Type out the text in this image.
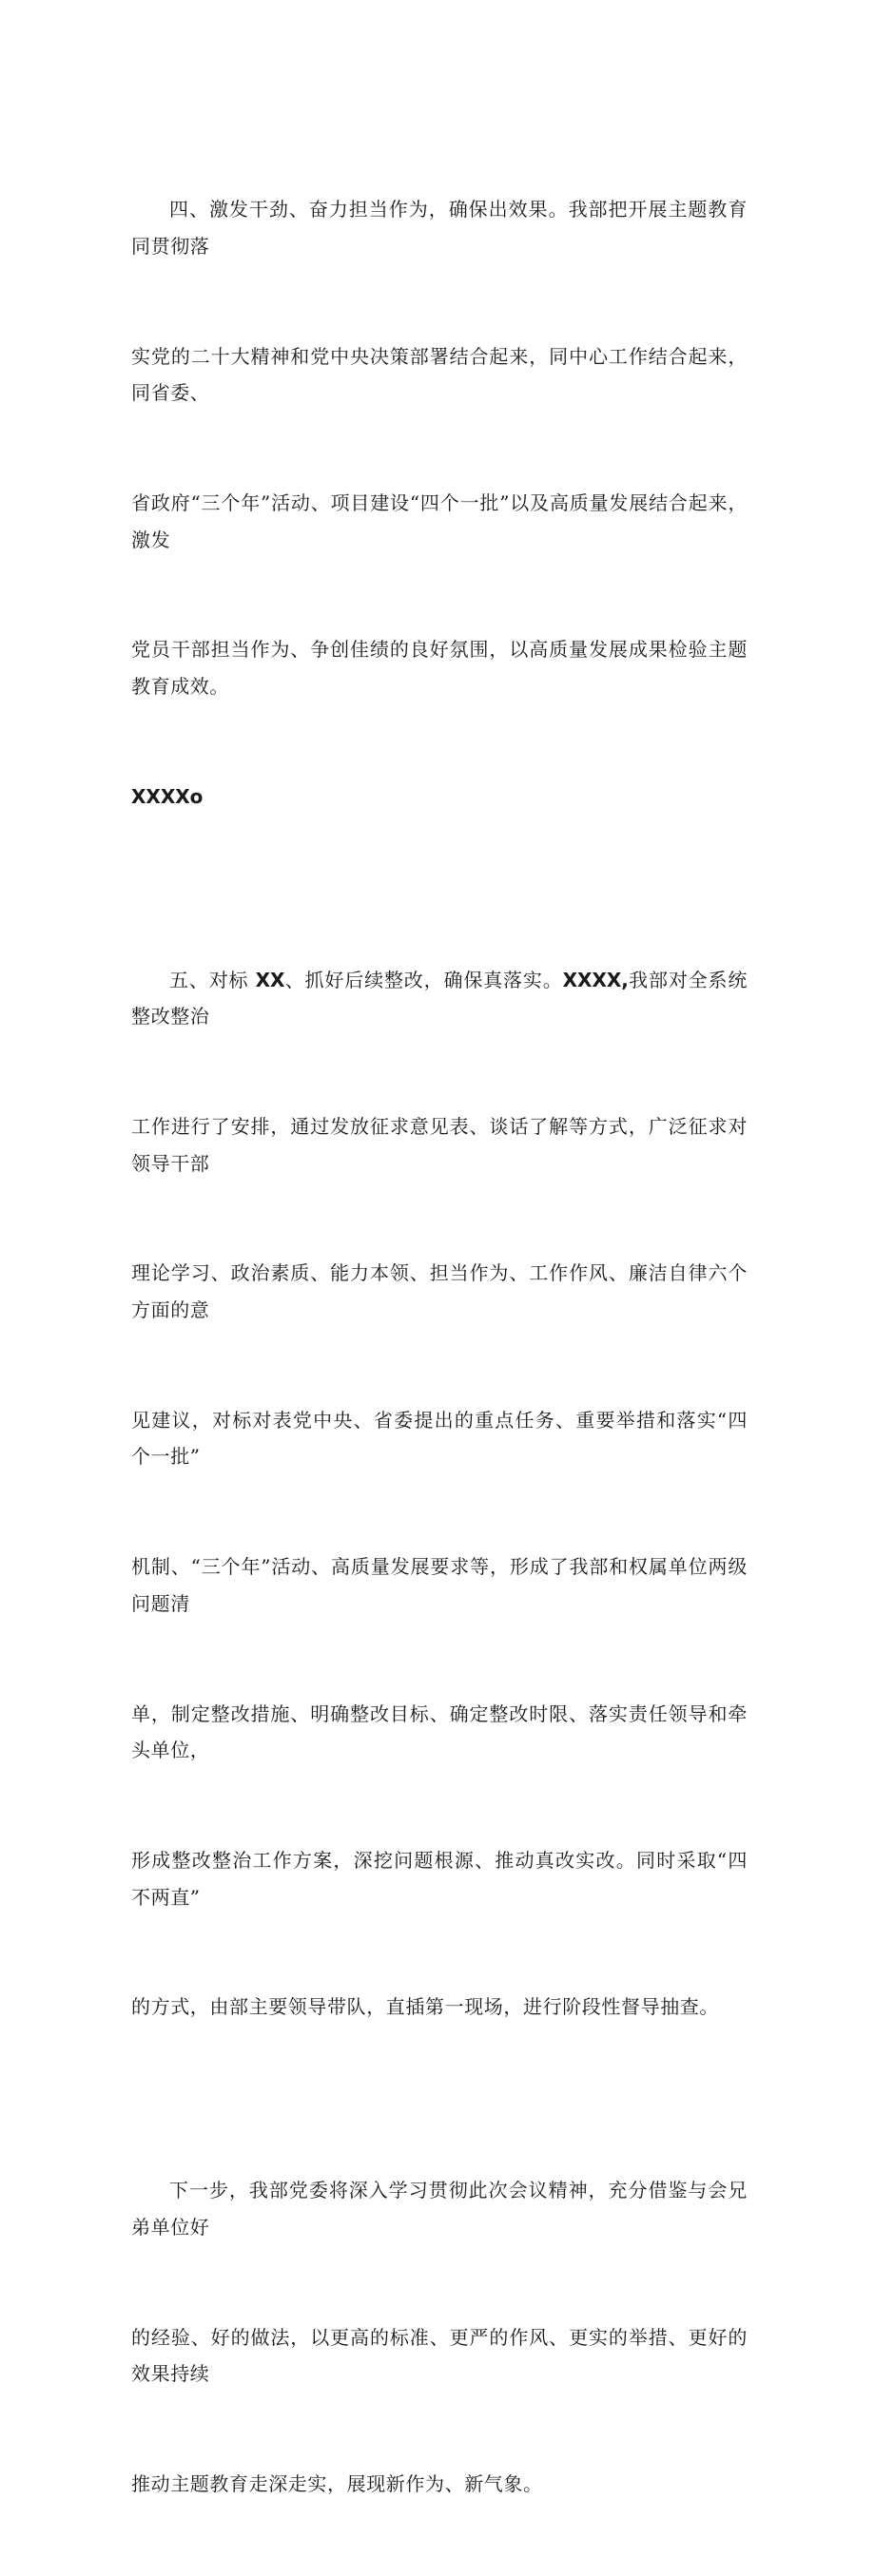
四、激发干劲、奋力担当作为，确保出效果。我部把开展主题教育同贯彻落

实党的二十大精神和党中央决策部署结合起来，同中心工作结合起来，同省委、

省政府“三个年”活动、项目建设“四个一批”以及高质量发展结合起来，激发

党员干部担当作为、争创佳绩的良好氛围，以高质量发展成果检验主题教育成效。

XXXXo

五、对标 XX、抓好后续整改，确保真落实。XXXX,我部对全系统整改整治

工作进行了安排，通过发放征求意见表、谈话了解等方式，广泛征求对领导干部

理论学习、政治素质、能力本领、担当作为、工作作风、廉洁自律六个方面的意

见建议，对标对表党中央、省委提出的重点任务、重要举措和落实“四个一批”

机制、“三个年”活动、高质量发展要求等，形成了我部和权属单位两级问题清

单，制定整改措施、明确整改目标、确定整改时限、落实责任领导和牵头单位，

形成整改整治工作方案，深挖问题根源、推动真改实改。同时采取“四不两直”

的方式，由部主要领导带队，直插第一现场，进行阶段性督导抽查。

下一步，我部党委将深入学习贯彻此次会议精神，充分借鉴与会兄弟单位好

的经验、好的做法，以更高的标准、更严的作风、更实的举措、更好的效果持续

推动主题教育走深走实，展现新作为、新气象。
